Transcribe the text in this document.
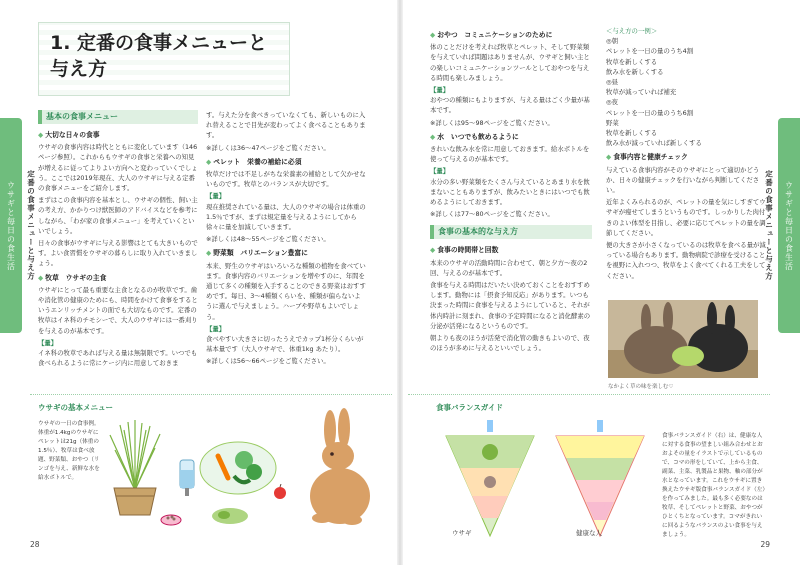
ウサギと毎日の食生活	定番の食事メニューと与え方
1. 定番の食事メニューと
与え方
基本の食事メニュー
◆ 大切な日々の食事

ウサギの食事内容は時代とともに変化しています（146ページ参照）。これからもウサギの食事と栄養への知見が増えるに従ってよりよい方向へと変わっていくでしょう。ここでは2019年現在、大人のウサギに与える定番の食事メニューをご紹介します。

まずはこの食事内容を基本とし、ウサギの個性、飼い主の考え方、かかりつけ獣医師のアドバイスなどを参考にしながら、「わが家の食事メニュー」を考えていくといいでしょう。

日々の食事がウサギに与える影響はとても大きいものです。よい食習慣をウサギの暮らしに取り入れていきましょう。

◆ 牧草　ウサギの主食

ウサギにとって最も重要な主食となるのが牧草です。歯や消化管の健康のためにも、時間をかけて食事をするというエンリッチメントの面でも大切なものです。定番の牧草はイネ科のチモシーで、大人のウサギには一番刈りを与えるのが基本です。

【量】

イネ科の牧草であれば与える量は無制限です。いつでも食べられるように常にケージ内に用意しておきま

す。与えた分を食べきっていなくても、新しいものに入れ替えることで目先が変わってよく食べることもあります。

※詳しくは36〜47ページをご覧ください。

◆ ペレット　栄養の補給に必須

牧草だけでは不足しがちな栄養素の補給として欠かせないものです。牧草とのバランスが大切です。

【量】

現在推奨されている量は、大人のウサギの場合は体重の1.5％ですが、まずは規定量を与えるようにしてから徐々に量を加減していきます。

※詳しくは48〜55ページをご覧ください。

◆ 野菜類　バリエーション豊富に

本来、野生のウサギはいろいろな種類の植物を食べています。食事内容のバリエーションを増やすのに、年間を通じて多くの種類を入手することのできる野菜はおすすめです。毎日、3〜4種類くらいを、種類が偏らないように選んで与えましょう。ハーブや野草もよいでしょう。

【量】

食べやすい大きさに切ったうえでカップ1杯分くらいが基本量です（大人ウサギで、体重1kg あたり）。

※詳しくは56〜66ページをご覧ください。

ウサギの基本メニュー
ウサギの一日の食事例。体重が1.4kgのウサギにペレットは21g（体重の1.5％）、牧草は食べ放題、野菜類、おやつ（リンゴを与え、新鮮な水を給水ボトルで。
28
ウサギと毎日の食生活
定番の食事メニューと与え方
◆ おやつ　コミュニケーションのために

体のことだけを考えれば牧草とペレット、そして野菜類を与えていれば問題はありませんが、ウサギと飼い主との楽しいコミュニケーションツールとしておやつを与える時間も楽しみましょう。

【量】

おやつの種類にもよりますが、与える量はごく少量が基本です。

※詳しくは95〜98ページをご覧ください。

◆ 水　いつでも飲めるように

きれいな飲み水を常に用意しておきます。給水ボトルを使って与えるのが基本です。

【量】

水分の多い野菜類をたくさん与えているとあまり水を飲まないこともありますが、飲みたいときにはいつでも飲めるようにしておきます。

※詳しくは77〜80ページをご覧ください。

食事の基本的な与え方
◆ 食事の時間帯と回数

本来のウサギの活動時間に合わせて、朝と夕方〜夜の2回、与えるのが基本です。

食事を与える時間はだいたい決めておくことをおすすめします。動物には「摂食予知反応」があります。いつも決まった時間に食事を与えるようにしていると、それが体内時計に刻まれ、食事の予定時間になると消化酵素の分泌が活発になるというものです。

朝よりも夜のほうが活発で消化管の動きもよいので、夜のほうが多めに与えるといいでしょう。

＜与え方の一例＞
◎朝
ペレットを一日の量のうち4割
牧草を新しくする
飲み水を新しくする
◎昼
牧草が減っていれば補充
◎夜
ペレットを一日の量のうち6割
野菜
牧草を新しくする
飲み水が減っていれば新しくする
◆ 食事内容と健康チェック

与えている食事内容がそのウサギにとって適切かどうか、日々の健康チェックを行いながら判断してください。

近年よくみられるのが、ペレットの量を気にしすぎてウサギが痩せてしまうというものです。しっかりした肉付きのよい体型を目指し、必要に応じてペレットの量を調節してください。

便の大きさが小さくなっているのは牧草を食べる量が減っている場合もあります。動物病院で診療を受けることを視野に入れつつ、牧草をよく食べてくれる工夫をしてください。

なかよく草の味を楽しむ♡
食事バランスガイド
ウサギ	健康な人
食事バランスガイド（右）は、健康な人に対する食事の望ましい組み合わせとおおよその量をイラストで示しているもので、コマの形をしていて、上から主食、副菜、主菜、乳製品と果物、軸の部分が水となっています。これをウサギに置き換えたウサギ版食事バランスガイド（左）を作ってみました。最も多く必要なのは牧草、そしてペレットと野菜、おやつがひとくちとなっています。コマがきれいに回るようなバランスのよい食事を与えましょう。
29
